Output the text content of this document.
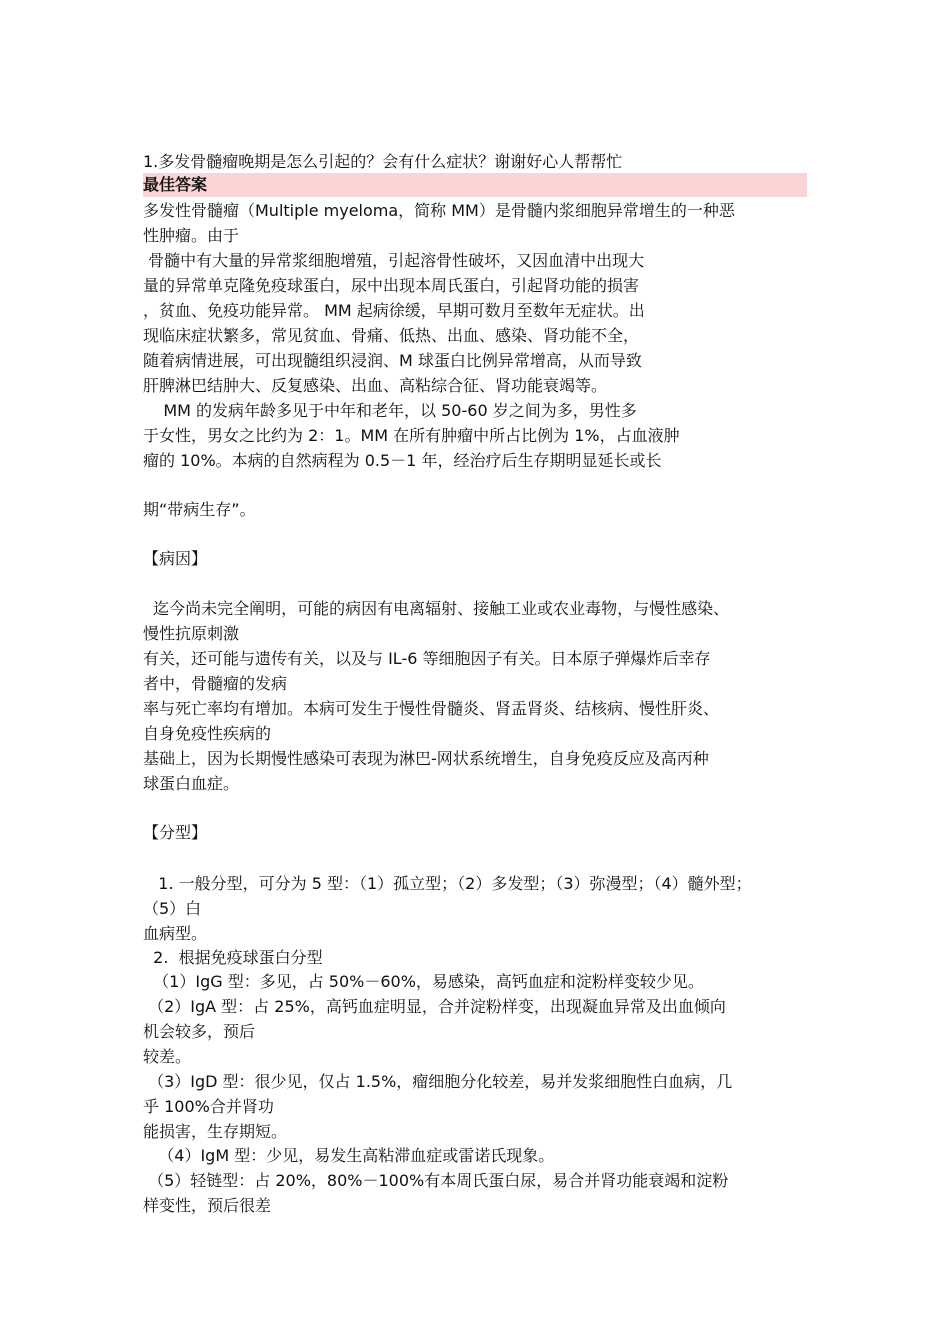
1.多发骨髓瘤晚期是怎么引起的？会有什么症状？谢谢好心人帮帮忙
最佳答案
多发性骨髓瘤（Multiple myeloma，简称 MM）是骨髓内浆细胞异常增生的一种恶
性肿瘤。由于
骨髓中有大量的异常浆细胞增殖，引起溶骨性破坏，又因血清中出现大
量的异常单克隆免疫球蛋白，尿中出现本周氏蛋白，引起肾功能的损害
，贫血、免疫功能异常。 MM 起病徐缓，早期可数月至数年无症状。出
现临床症状繁多，常见贫血、骨痛、低热、出血、感染、肾功能不全，
随着病情进展，可出现髓组织浸润、M 球蛋白比例异常增高，从而导致
肝脾淋巴结肿大、反复感染、出血、高粘综合征、肾功能衰竭等。
MM 的发病年龄多见于中年和老年，以 50-60 岁之间为多，男性多
于女性，男女之比约为 2：1。MM 在所有肿瘤中所占比例为 1%，占血液肿
瘤的 10%。本病的自然病程为 0.5－1 年，经治疗后生存期明显延长或长
期“带病生存”。
【病因】
迄今尚未完全阐明，可能的病因有电离辐射、接触工业或农业毒物，与慢性感染、
慢性抗原刺激
有关，还可能与遗传有关，以及与 IL-6 等细胞因子有关。日本原子弹爆炸后幸存
者中，骨髓瘤的发病
率与死亡率均有增加。本病可发生于慢性骨髓炎、肾盂肾炎、结核病、慢性肝炎、
自身免疫性疾病的
基础上，因为长期慢性感染可表现为淋巴-网状系统增生，自身免疫反应及高丙种
球蛋白血症。
【分型】
1. 一般分型，可分为 5 型：（1）孤立型；（2）多发型；（3）弥漫型；（4）髓外型；
（5）白
血病型。
2.  根据免疫球蛋白分型
（1）IgG 型：多见，占 50%－60%，易感染，高钙血症和淀粉样变较少见。
（2）IgA 型：占 25%，高钙血症明显，合并淀粉样变，出现凝血异常及出血倾向
机会较多，预后
较差。
（3）IgD 型：很少见，仅占 1.5%，瘤细胞分化较差，易并发浆细胞性白血病，几
乎 100%合并肾功
能损害，生存期短。
（4）IgM 型：少见，易发生高粘滞血症或雷诺氏现象。
（5）轻链型：占 20%，80%－100%有本周氏蛋白尿，易合并肾功能衰竭和淀粉
样变性，预后很差
